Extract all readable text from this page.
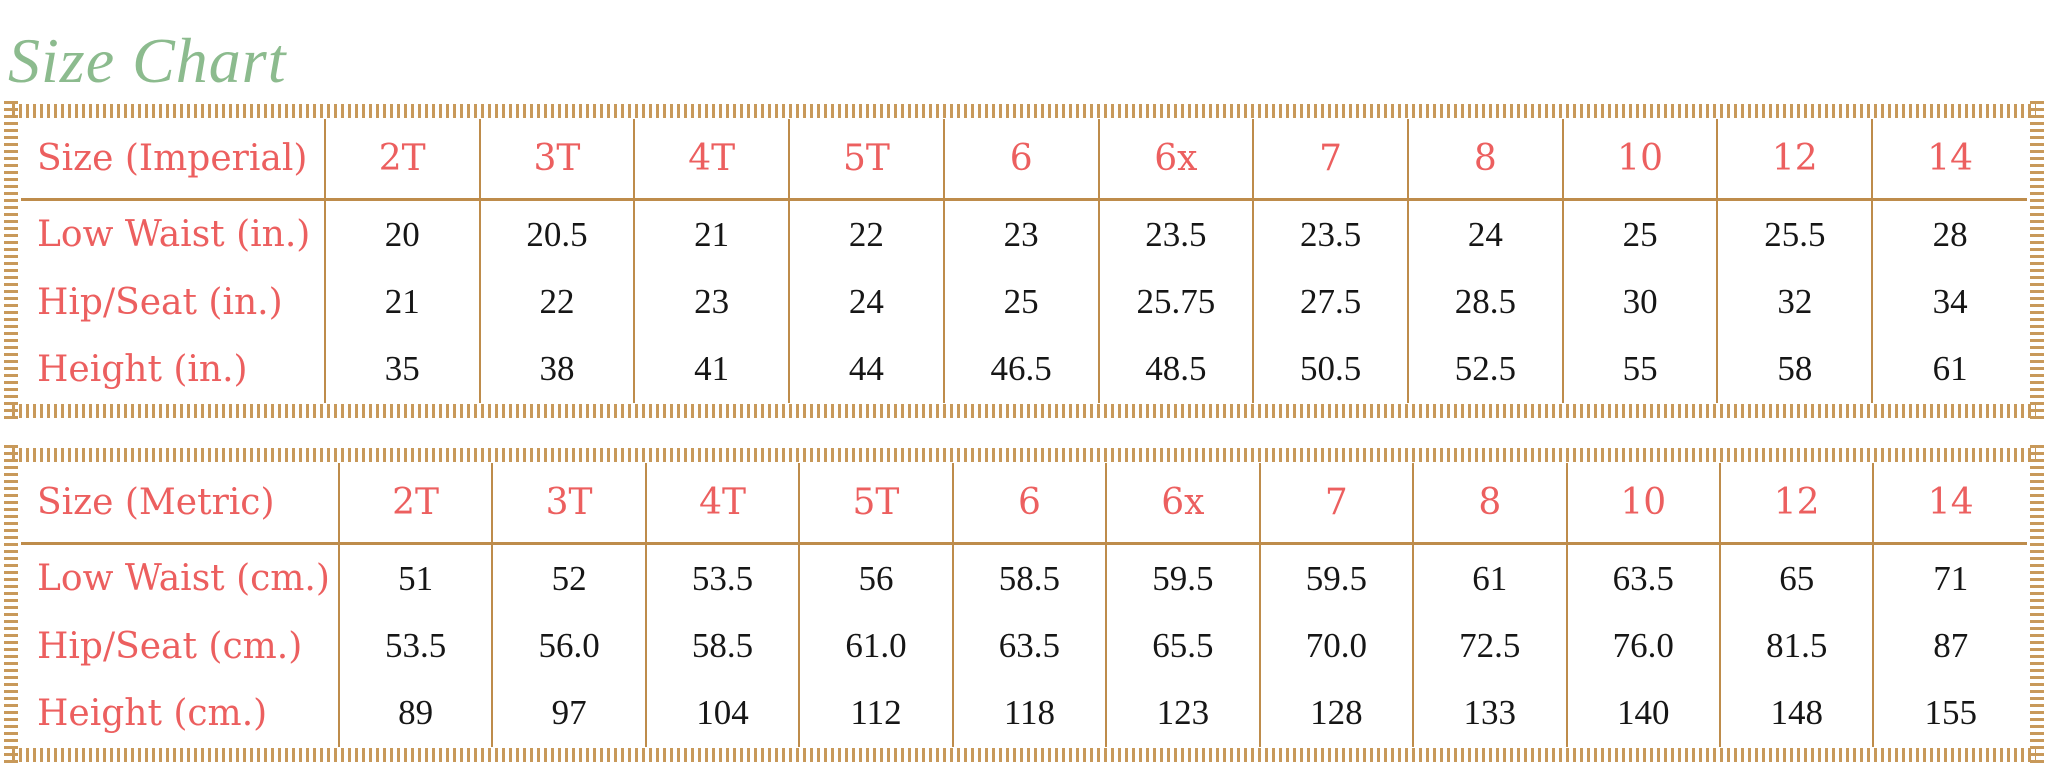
Size Chart
Size (Imperial)	2T	3T	4T	5T	6	6x	7	8	10	12	14
Low Waist (in.)	20	20.5	21	22	23	23.5	23.5	24	25	25.5	28
Hip/Seat (in.)	21	22	23	24	25	25.75	27.5	28.5	30	32	34
Height (in.)	35	38	41	44	46.5	48.5	50.5	52.5	55	58	61
Size (Metric)	2T	3T	4T	5T	6	6x	7	8	10	12	14
Low Waist (cm.)	51	52	53.5	56	58.5	59.5	59.5	61	63.5	65	71
Hip/Seat (cm.)	53.5	56.0	58.5	61.0	63.5	65.5	70.0	72.5	76.0	81.5	87
Height (cm.)	89	97	104	112	118	123	128	133	140	148	155
